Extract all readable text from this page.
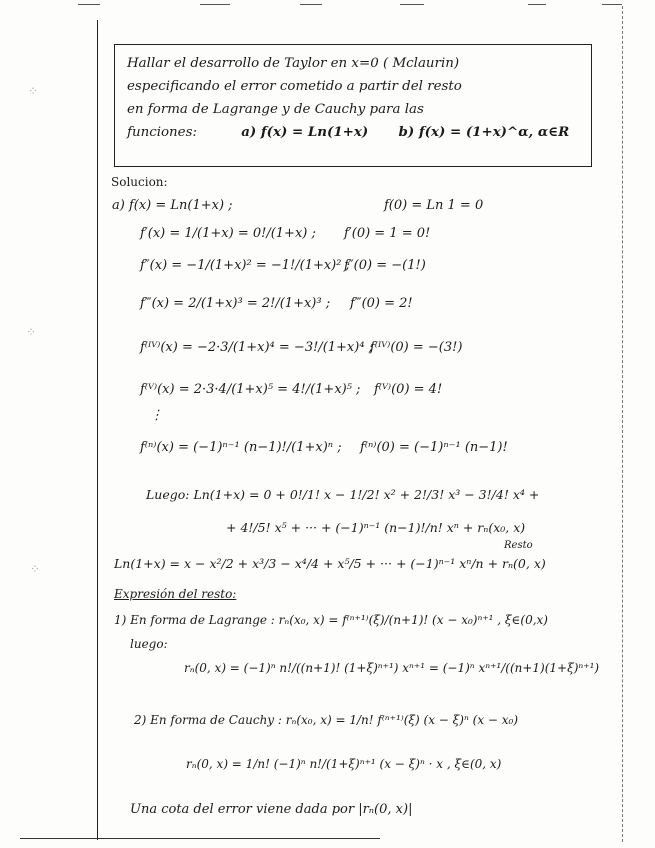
⁘
⁘
⁘
Hallar el desarrollo de Taylor en x=0 ( Mclaurin)
especificando el error cometido a partir del resto
en forma de Lagrange y de Cauchy para las
funciones:	a) f(x) = Ln(1+x) b) f(x) = (1+x)^α, α∈R
Solucion:
a) f(x) = Ln(1+x) ;	f(0) = Ln 1 = 0
f′(x) = 1/(1+x) = 0!/(1+x) ; f′(0) = 1 = 0!
f″(x) = −1/(1+x)² = −1!/(1+x)² ;
f″(0) = −(1!)
f‴(x) = 2/(1+x)³ = 2!/(1+x)³ ; f‴(0) = 2!
f⁽ᴵⱽ⁾(x) = −2·3/(1+x)⁴ = −3!/(1+x)⁴ ;
f⁽ᴵⱽ⁾(0) = −(3!)
f⁽ⱽ⁾(x) = 2·3·4/(1+x)⁵ = 4!/(1+x)⁵ ; f⁽ⱽ⁾(0) = 4!
⋮
f⁽ⁿ⁾(x) = (−1)ⁿ⁻¹ (n−1)!/(1+x)ⁿ ; f⁽ⁿ⁾(0) = (−1)ⁿ⁻¹ (n−1)!
Luego: Ln(1+x) = 0 + 0!/1! x − 1!/2! x² + 2!/3! x³ − 3!/4! x⁴ +
+ 4!/5! x⁵ + ··· + (−1)ⁿ⁻¹ (n−1)!/n! xⁿ + rₙ(x₀, x)
Resto
Ln(1+x) = x − x²/2 + x³/3 − x⁴/4 + x⁵/5 + ··· + (−1)ⁿ⁻¹ xⁿ/n + rₙ(0, x)
Expresión del resto:
1) En forma de Lagrange : rₙ(x₀, x) = f⁽ⁿ⁺¹⁾(ξ)/(n+1)! (x − x₀)ⁿ⁺¹ , ξ∈(0,x)
luego:
rₙ(0, x) = (−1)ⁿ n!/((n+1)! (1+ξ)ⁿ⁺¹) xⁿ⁺¹ = (−1)ⁿ xⁿ⁺¹/((n+1)(1+ξ)ⁿ⁺¹)
2) En forma de Cauchy : rₙ(x₀, x) = 1/n! f⁽ⁿ⁺¹⁾(ξ) (x − ξ)ⁿ (x − x₀)
rₙ(0, x) = 1/n! (−1)ⁿ n!/(1+ξ)ⁿ⁺¹ (x − ξ)ⁿ · x , ξ∈(0, x)
Una cota del error viene dada por |rₙ(0, x)|
